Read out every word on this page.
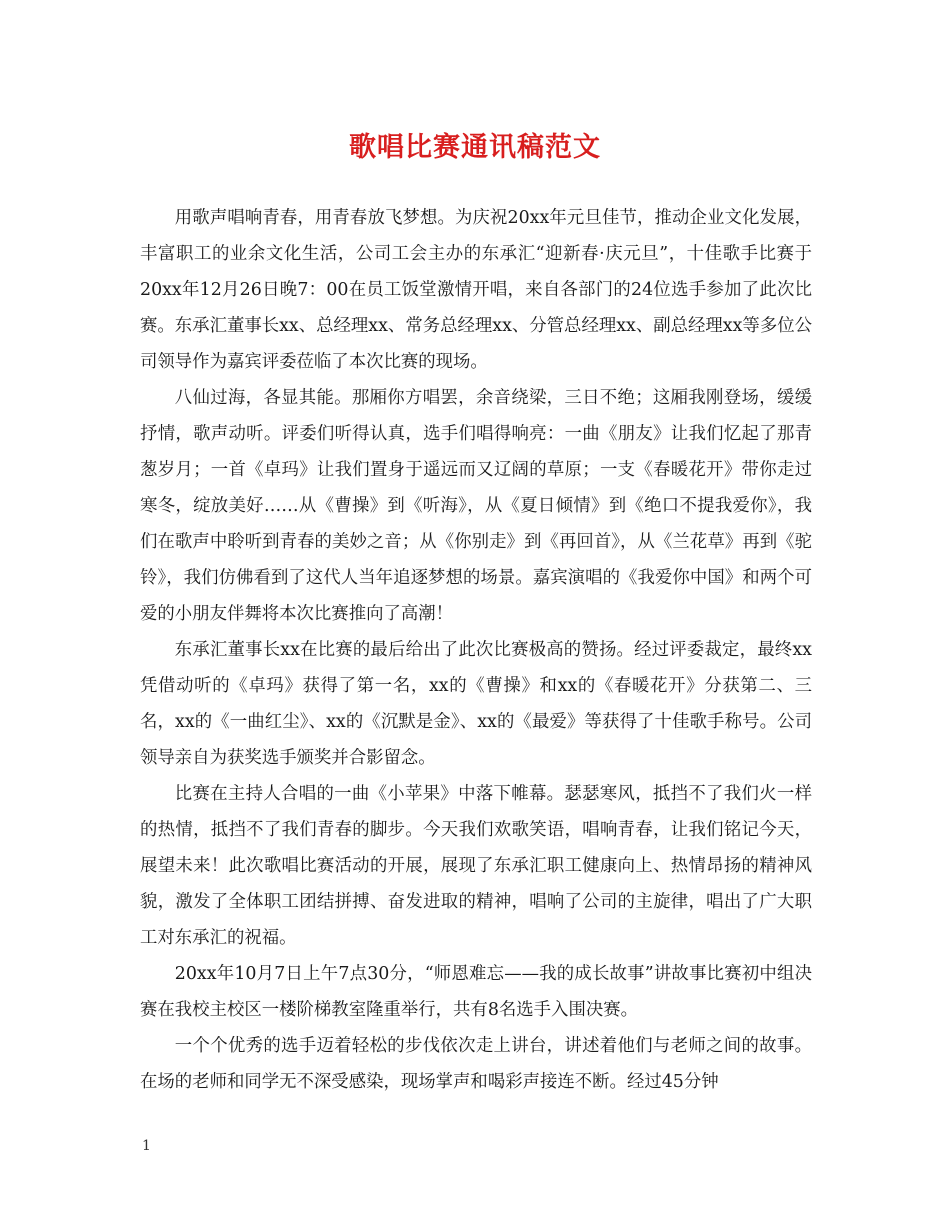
歌唱比赛通讯稿范文

用歌声唱响青春，用青春放飞梦想。为庆祝20xx年元旦佳节，推动企业文化发展，丰富职工的业余文化生活，公司工会主办的东承汇“迎新春·庆元旦”，十佳歌手比赛于20xx年12月26日晚7：00在员工饭堂激情开唱，来自各部门的24位选手参加了此次比赛。东承汇董事长xx、总经理xx、常务总经理xx、分管总经理xx、副总经理xx等多位公司领导作为嘉宾评委莅临了本次比赛的现场。

八仙过海，各显其能。那厢你方唱罢，余音绕梁，三日不绝；这厢我刚登场，缓缓抒情，歌声动听。评委们听得认真，选手们唱得响亮：一曲《朋友》让我们忆起了那青葱岁月；一首《卓玛》让我们置身于遥远而又辽阔的草原；一支《春暖花开》带你走过寒冬，绽放美好……从《曹操》到《听海》，从《夏日倾情》到《绝口不提我爱你》，我们在歌声中聆听到青春的美妙之音；从《你别走》到《再回首》，从《兰花草》再到《驼铃》，我们仿佛看到了这代人当年追逐梦想的场景。嘉宾演唱的《我爱你中国》和两个可爱的小朋友伴舞将本次比赛推向了高潮！

东承汇董事长xx在比赛的最后给出了此次比赛极高的赞扬。经过评委裁定，最终xx凭借动听的《卓玛》获得了第一名，xx的《曹操》和xx的《春暖花开》分获第二、三名，xx的《一曲红尘》、xx的《沉默是金》、xx的《最爱》等获得了十佳歌手称号。公司领导亲自为获奖选手颁奖并合影留念。

比赛在主持人合唱的一曲《小苹果》中落下帷幕。瑟瑟寒风，抵挡不了我们火一样的热情，抵挡不了我们青春的脚步。今天我们欢歌笑语，唱响青春，让我们铭记今天，展望未来！此次歌唱比赛活动的开展，展现了东承汇职工健康向上、热情昂扬的精神风貌，激发了全体职工团结拼搏、奋发进取的精神，唱响了公司的主旋律，唱出了广大职工对东承汇的祝福。

20xx年10月7日上午7点30分，“师恩难忘——我的成长故事”讲故事比赛初中组决赛在我校主校区一楼阶梯教室隆重举行，共有8名选手入围决赛。

一个个优秀的选手迈着轻松的步伐依次走上讲台，讲述着他们与老师之间的故事。在场的老师和同学无不深受感染，现场掌声和喝彩声接连不断。经过45分钟

1
